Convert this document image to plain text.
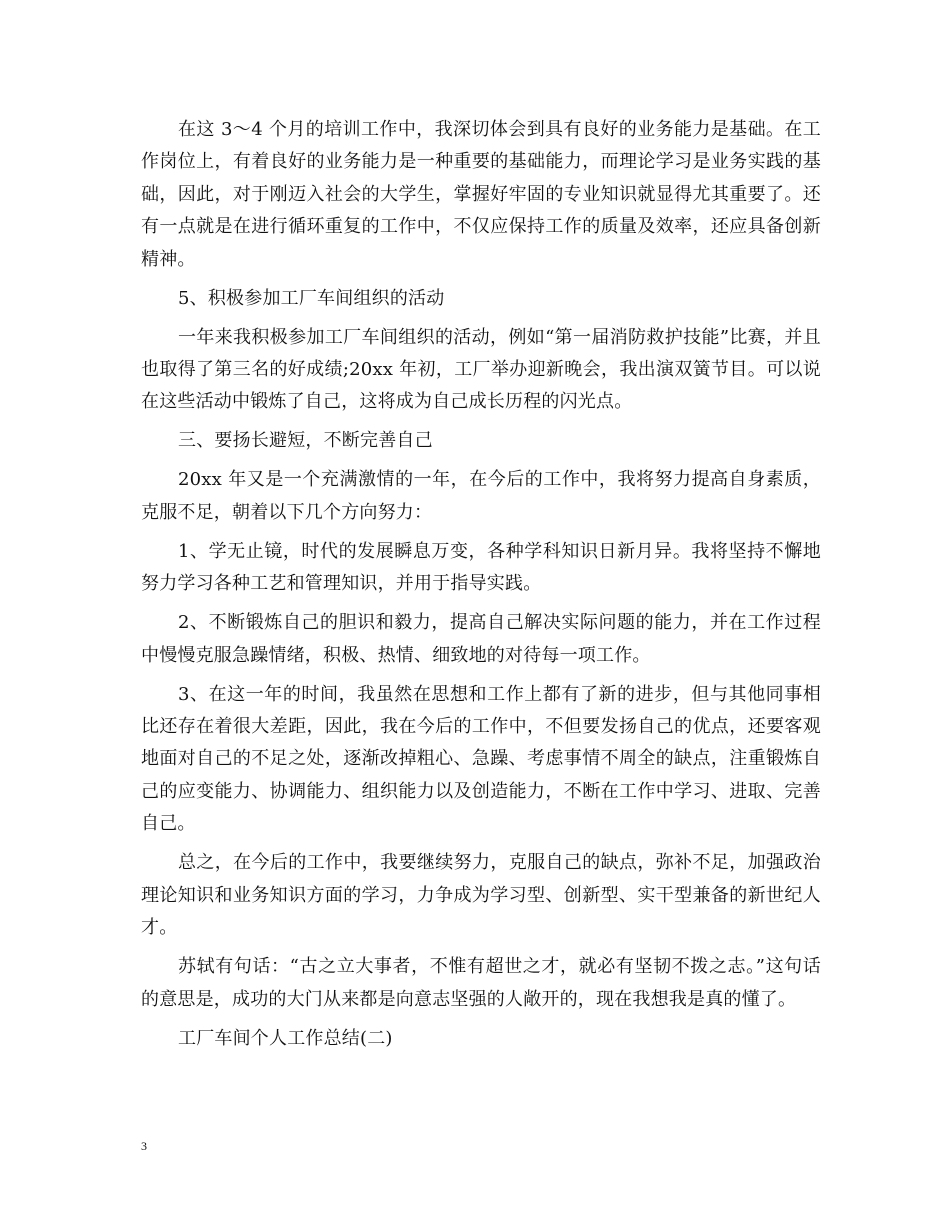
在这 3～4 个月的培训工作中，我深切体会到具有良好的业务能力是基础。在工作岗位上，有着良好的业务能力是一种重要的基础能力，而理论学习是业务实践的基础，因此，对于刚迈入社会的大学生，掌握好牢固的专业知识就显得尤其重要了。还有一点就是在进行循环重复的工作中，不仅应保持工作的质量及效率，还应具备创新精神。

5、积极参加工厂车间组织的活动

一年来我积极参加工厂车间组织的活动，例如“第一届消防救护技能”比赛，并且也取得了第三名的好成绩;20xx 年初，工厂举办迎新晚会，我出演双簧节目。可以说在这些活动中锻炼了自己，这将成为自己成长历程的闪光点。

三、要扬长避短，不断完善自己

20xx 年又是一个充满激情的一年，在今后的工作中，我将努力提高自身素质，克服不足，朝着以下几个方向努力：

1、学无止镜，时代的发展瞬息万变，各种学科知识日新月异。我将坚持不懈地努力学习各种工艺和管理知识，并用于指导实践。

2、不断锻炼自己的胆识和毅力，提高自己解决实际问题的能力，并在工作过程中慢慢克服急躁情绪，积极、热情、细致地的对待每一项工作。

3、在这一年的时间，我虽然在思想和工作上都有了新的进步，但与其他同事相比还存在着很大差距，因此，我在今后的工作中，不但要发扬自己的优点，还要客观地面对自己的不足之处，逐渐改掉粗心、急躁、考虑事情不周全的缺点，注重锻炼自己的应变能力、协调能力、组织能力以及创造能力，不断在工作中学习、进取、完善自己。

总之，在今后的工作中，我要继续努力，克服自己的缺点，弥补不足，加强政治理论知识和业务知识方面的学习，力争成为学习型、创新型、实干型兼备的新世纪人才。

苏轼有句话：“古之立大事者，不惟有超世之才，就必有坚韧不拨之志。”这句话的意思是，成功的大门从来都是向意志坚强的人敞开的，现在我想我是真的懂了。

工厂车间个人工作总结(二)

3
